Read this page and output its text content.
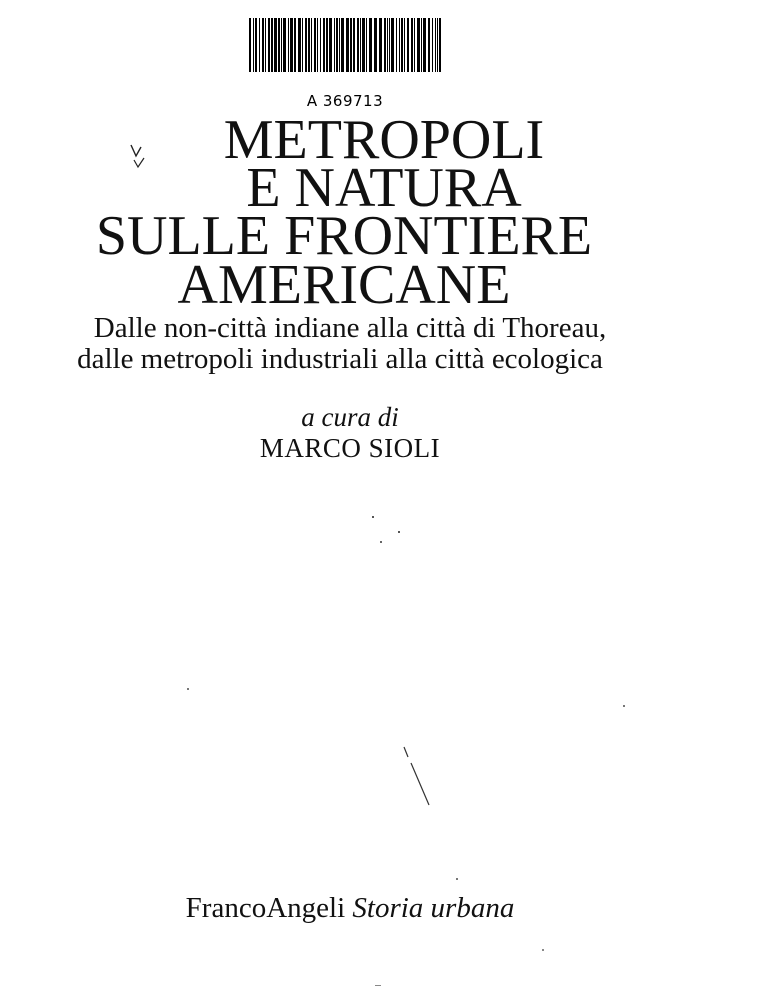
A 369713
METROPOLI
E NATURA
SULLE FRONTIERE
AMERICANE
Dalle non-città indiane alla città di Thoreau,
dalle metropoli industriali alla città ecologica
a cura di
MARCO SIOLI
FrancoAngeli Storia urbana
